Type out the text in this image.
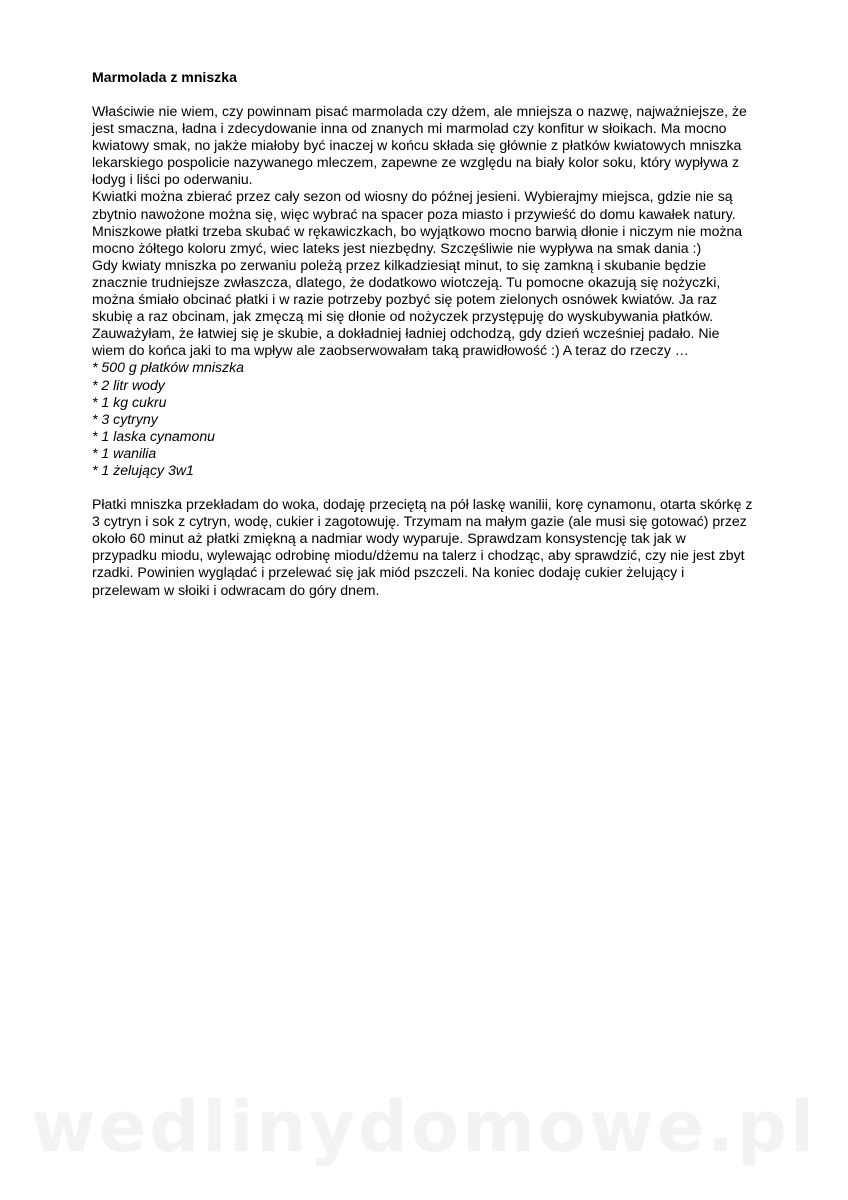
Marmolada z mniszka
Właściwie nie wiem, czy powinnam pisać marmolada czy dżem, ale mniejsza o nazwę, najważniejsze, że
jest smaczna, ładna i zdecydowanie inna od znanych mi marmolad czy konfitur w słoikach. Ma mocno
kwiatowy smak, no jakże miałoby być inaczej w końcu składa się głównie z płatków kwiatowych mniszka
lekarskiego pospolicie nazywanego mleczem, zapewne ze względu na biały kolor soku, który wypływa z
łodyg i liści po oderwaniu.
Kwiatki można zbierać przez cały sezon od wiosny do późnej jesieni. Wybierajmy miejsca, gdzie nie są
zbytnio nawożone można się, więc wybrać na spacer poza miasto i przywieść do domu kawałek natury.
Mniszkowe płatki trzeba skubać w rękawiczkach, bo wyjątkowo mocno barwią dłonie i niczym nie można
mocno żółtego koloru zmyć, wiec lateks jest niezbędny. Szczęśliwie nie wypływa na smak dania :)
Gdy kwiaty mniszka po zerwaniu poleżą przez kilkadziesiąt minut, to się zamkną i skubanie będzie
znacznie trudniejsze zwłaszcza, dlatego, że dodatkowo wiotczeją. Tu pomocne okazują się nożyczki,
można śmiało obcinać płatki i w razie potrzeby pozbyć się potem zielonych osnówek kwiatów. Ja raz
skubię a raz obcinam, jak zmęczą mi się dłonie od nożyczek przystępuję do wyskubywania płatków.
Zauważyłam, że łatwiej się je skubie, a dokładniej ładniej odchodzą, gdy dzień wcześniej padało. Nie
wiem do końca jaki to ma wpływ ale zaobserwowałam taką prawidłowość :) A teraz do rzeczy …
* 500 g płatków mniszka
* 2 litr wody
* 1 kg cukru
* 3 cytryny
* 1 laska cynamonu
* 1 wanilia
* 1 żelujący 3w1
Płatki mniszka przekładam do woka, dodaję przeciętą na pół laskę wanilii, korę cynamonu, otarta skórkę z
3 cytryn i sok z cytryn, wodę, cukier i zagotowuję. Trzymam na małym gazie (ale musi się gotować) przez
około 60 minut aż płatki zmiękną a nadmiar wody wyparuje. Sprawdzam konsystencję tak jak w
przypadku miodu, wylewając odrobinę miodu/dżemu na talerz i chodząc, aby sprawdzić, czy nie jest zbyt
rzadki. Powinien wyglądać i przelewać się jak miód pszczeli. Na koniec dodaję cukier żelujący i
przelewam w słoiki i odwracam do góry dnem.
wedlinydomowe.pl
